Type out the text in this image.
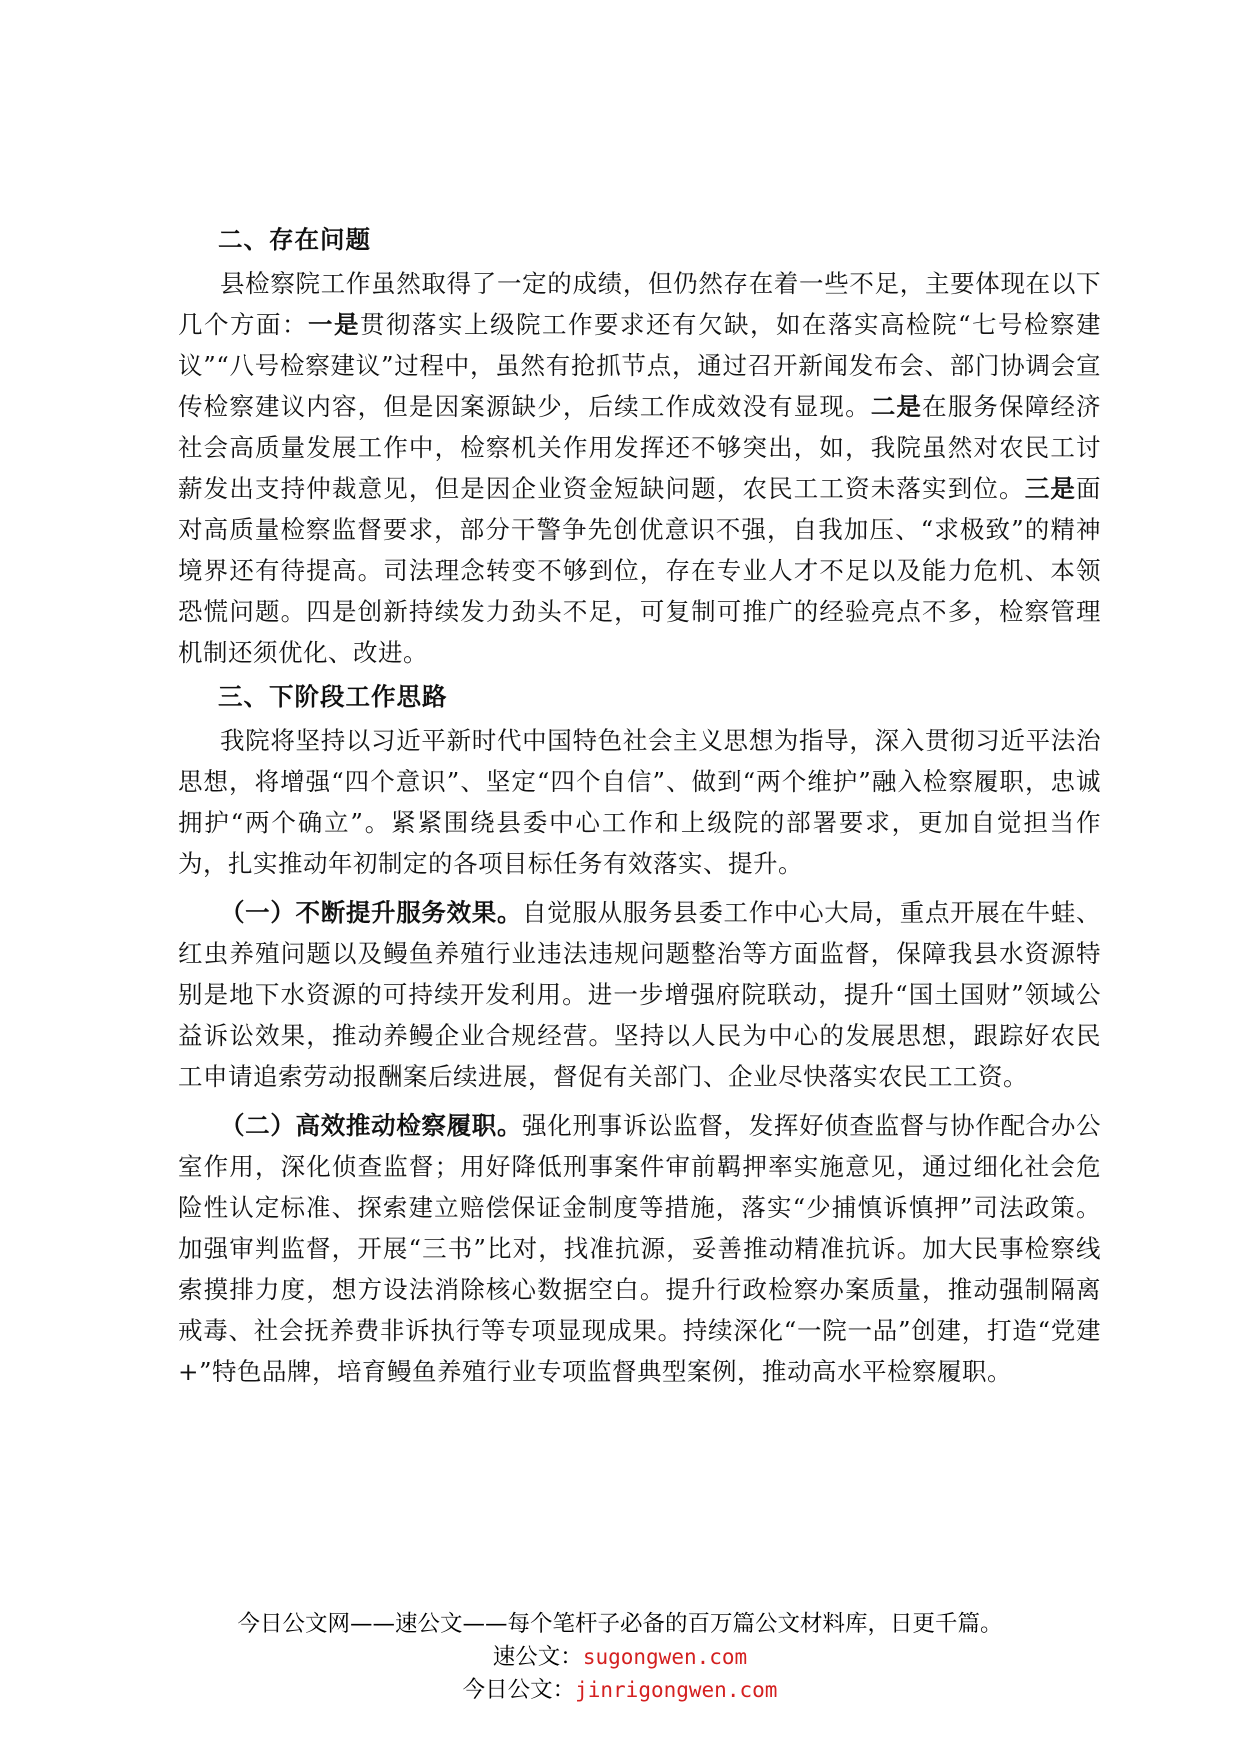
二、存在问题

县检察院工作虽然取得了一定的成绩，但仍然存在着一些不足，主要体现在以下几个方面：一是贯彻落实上级院工作要求还有欠缺，如在落实高检院“七号检察建议”“八号检察建议”过程中，虽然有抢抓节点，通过召开新闻发布会、部门协调会宣传检察建议内容，但是因案源缺少，后续工作成效没有显现。二是在服务保障经济社会高质量发展工作中，检察机关作用发挥还不够突出，如，我院虽然对农民工讨薪发出支持仲裁意见，但是因企业资金短缺问题，农民工工资未落实到位。三是面对高质量检察监督要求，部分干警争先创优意识不强，自我加压、“求极致”的精神境界还有待提高。司法理念转变不够到位，存在专业人才不足以及能力危机、本领恐慌问题。四是创新持续发力劲头不足，可复制可推广的经验亮点不多，检察管理机制还须优化、改进。

三、下阶段工作思路

我院将坚持以习近平新时代中国特色社会主义思想为指导，深入贯彻习近平法治思想，将增强“四个意识”、坚定“四个自信”、做到“两个维护”融入检察履职，忠诚拥护“两个确立”。紧紧围绕县委中心工作和上级院的部署要求，更加自觉担当作为，扎实推动年初制定的各项目标任务有效落实、提升。

（一）不断提升服务效果。自觉服从服务县委工作中心大局，重点开展在牛蛙、红虫养殖问题以及鳗鱼养殖行业违法违规问题整治等方面监督，保障我县水资源特别是地下水资源的可持续开发利用。进一步增强府院联动，提升“国土国财”领域公益诉讼效果，推动养鳗企业合规经营。坚持以人民为中心的发展思想，跟踪好农民工申请追索劳动报酬案后续进展，督促有关部门、企业尽快落实农民工工资。

（二）高效推动检察履职。强化刑事诉讼监督，发挥好侦查监督与协作配合办公室作用，深化侦查监督；用好降低刑事案件审前羁押率实施意见，通过细化社会危险性认定标准、探索建立赔偿保证金制度等措施，落实“少捕慎诉慎押”司法政策。加强审判监督，开展“三书”比对，找准抗源，妥善推动精准抗诉。加大民事检察线索摸排力度，想方设法消除核心数据空白。提升行政检察办案质量，推动强制隔离戒毒、社会抚养费非诉执行等专项显现成果。持续深化“一院一品”创建，打造“党建+”特色品牌，培育鳗鱼养殖行业专项监督典型案例，推动高水平检察履职。

今日公文网——速公文——每个笔杆子必备的百万篇公文材料库，日更千篇。
速公文：sugongwen.com
今日公文：jinrigongwen.com
